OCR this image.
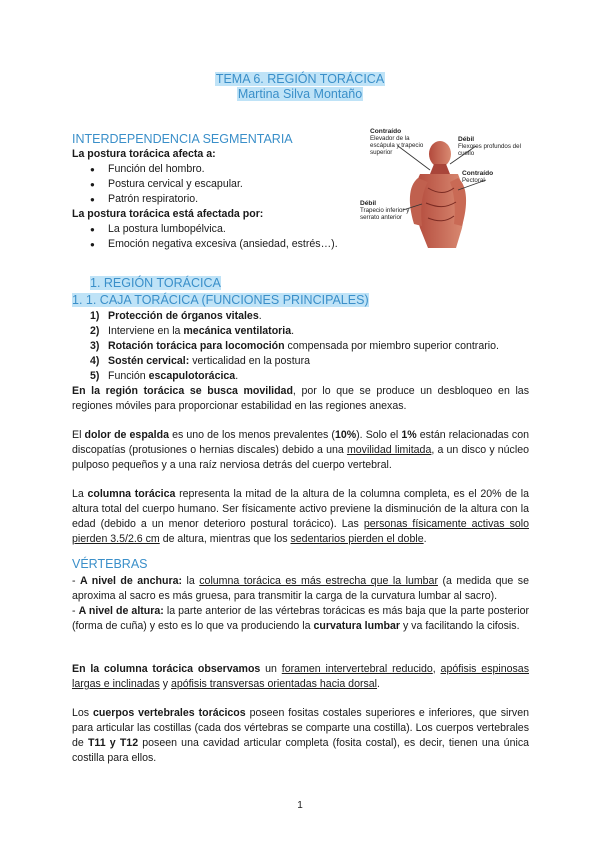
TEMA 6. REGIÓN TORÁCICA
Martina Silva Montaño
INTERDEPENDENCIA SEGMENTARIA
La postura torácica afecta a:
● Función del hombro.
● Postura cervical y escapular.
● Patrón respiratorio.
La postura torácica está afectada por:
● La postura lumbopélvica.
● Emoción negativa excesiva (ansiedad, estrés…).
Contraído
Elevador de la escápula y trapecio superior
Débil
Flexores profundos del cuello
Débil
Trapecio inferior y serrato anterior
Contraído
Pectoral
1. REGIÓN TORÁCICA
1. 1. CAJA TORÁCICA (FUNCIONES PRINCIPALES)
1) Protección de órganos vitales.
2) Interviene en la mecánica ventilatoria.
3) Rotación torácica para locomoción compensada por miembro superior contrario.
4) Sostén cervical: verticalidad en la postura
5) Función escapulotorácica.
En la región torácica se busca movilidad, por lo que se produce un desbloqueo en las regiones móviles para proporcionar estabilidad en las regiones anexas.
El dolor de espalda es uno de los menos prevalentes (10%). Solo el 1% están relacionadas con discopatías (protusiones o hernias discales) debido a una movilidad limitada, a un disco y núcleo pulposo pequeños y a una raíz nerviosa detrás del cuerpo vertebral.
La columna torácica representa la mitad de la altura de la columna completa, es el 20% de la altura total del cuerpo humano. Ser físicamente activo previene la disminución de la altura con la edad (debido a un menor deterioro postural torácico). Las personas físicamente activas solo pierden 3.5/2.6 cm de altura, mientras que los sedentarios pierden el doble.
VÉRTEBRAS
- A nivel de anchura: la columna torácica es más estrecha que la lumbar (a medida que se aproxima al sacro es más gruesa, para transmitir la carga de la curvatura lumbar al sacro).
- A nivel de altura: la parte anterior de las vértebras torácicas es más baja que la parte posterior (forma de cuña) y esto es lo que va produciendo la curvatura lumbar y va facilitando la cifosis.
En la columna torácica observamos un foramen intervertebral reducido, apófisis espinosas largas e inclinadas y apófisis transversas orientadas hacia dorsal.
Los cuerpos vertebrales torácicos poseen fositas costales superiores e inferiores, que sirven para articular las costillas (cada dos vértebras se comparte una costilla). Los cuerpos vertebrales de T11 y T12 poseen una cavidad articular completa (fosita costal), es decir, tienen una única costilla para ellos.
1
